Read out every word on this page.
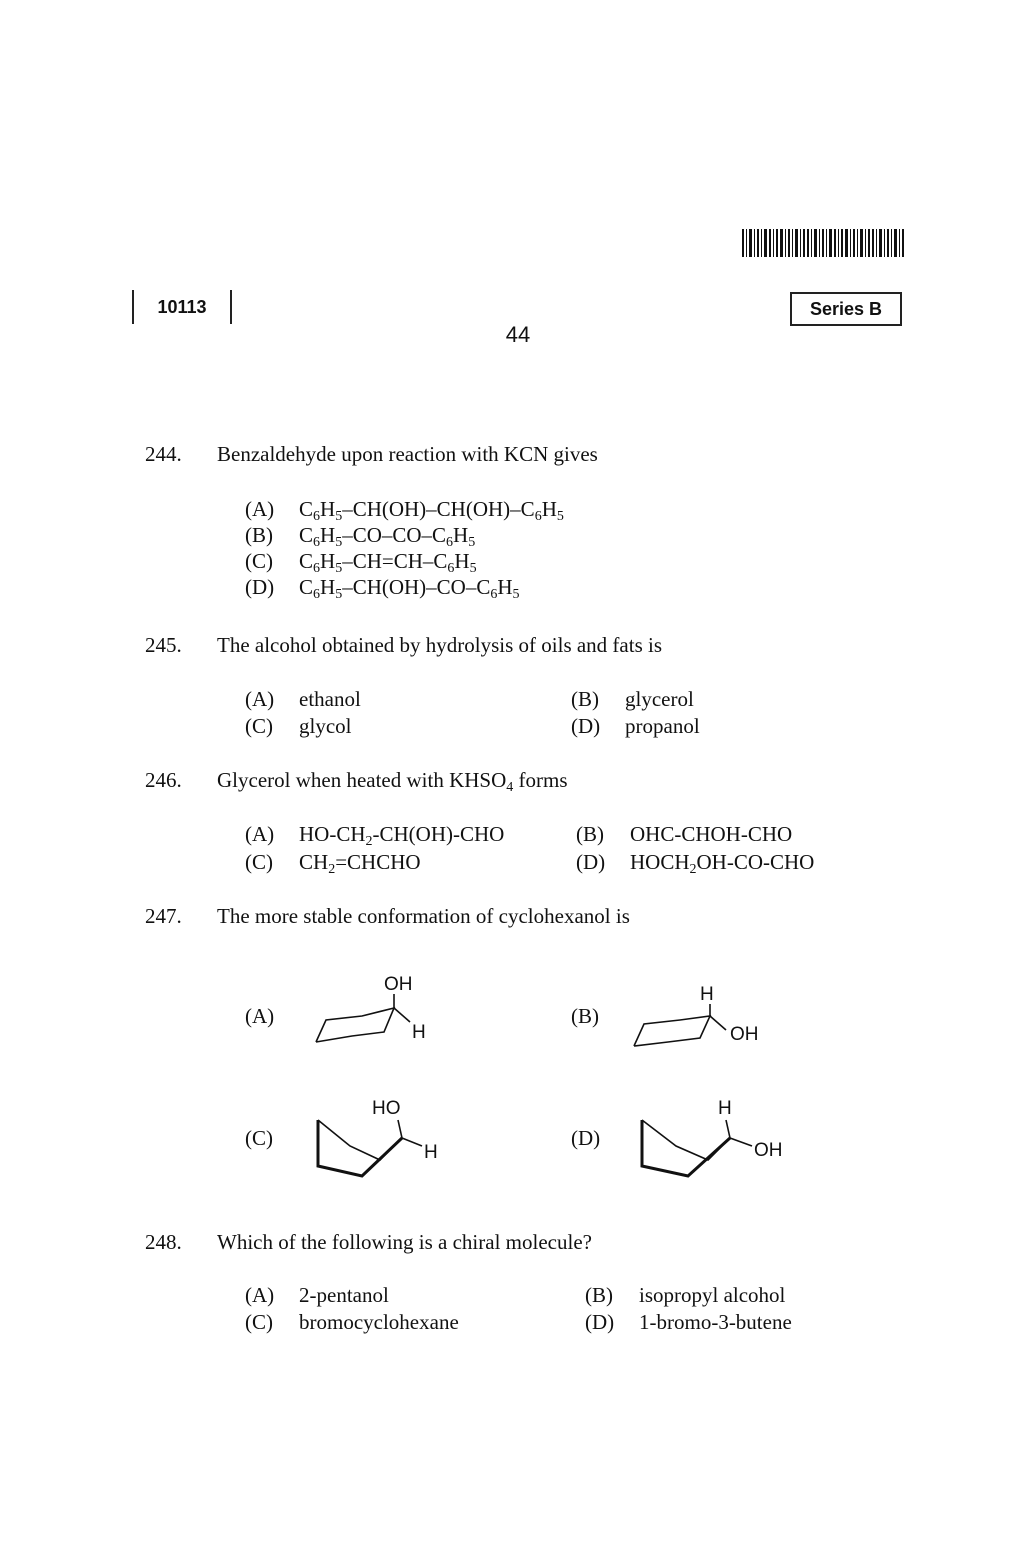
10113	Series B
44
244. Benzaldehyde upon reaction with KCN gives
(A) $C_6H_5-CH(OH)-CH(OH)-C_6H_5$
(B) $C_6H_5-CO-CO-C_6H_5$
(C) $C_6H_5-CH=CH-C_6H_5$
(D) $C_6H_5-CH(OH)-CO-C_6H_5$
245. The alcohol obtained by hydrolysis of oils and fats is
(A) ethanol	(B) glycerol
(C) glycol	(D) propanol
246. Glycerol when heated with $KHSO_4$ forms
(A) $HO-CH_2-CH(OH)$-CHO	(B) OHC-CHOH-CHO
(C) $CH_2=CHCHO$	(D) $HOCH_2OH-CO$-CHO
247. The more stable conformation of cyclohexanol is
(A)
OH
H
(B)
H
OH
(C)
HO
H
(D)
H
OH
248. Which of the following is a chiral molecule?
(A) 2-pentanol	(B) isopropyl alcohol
(C) bromocyclohexane	(D) 1-bromo-3-butene
